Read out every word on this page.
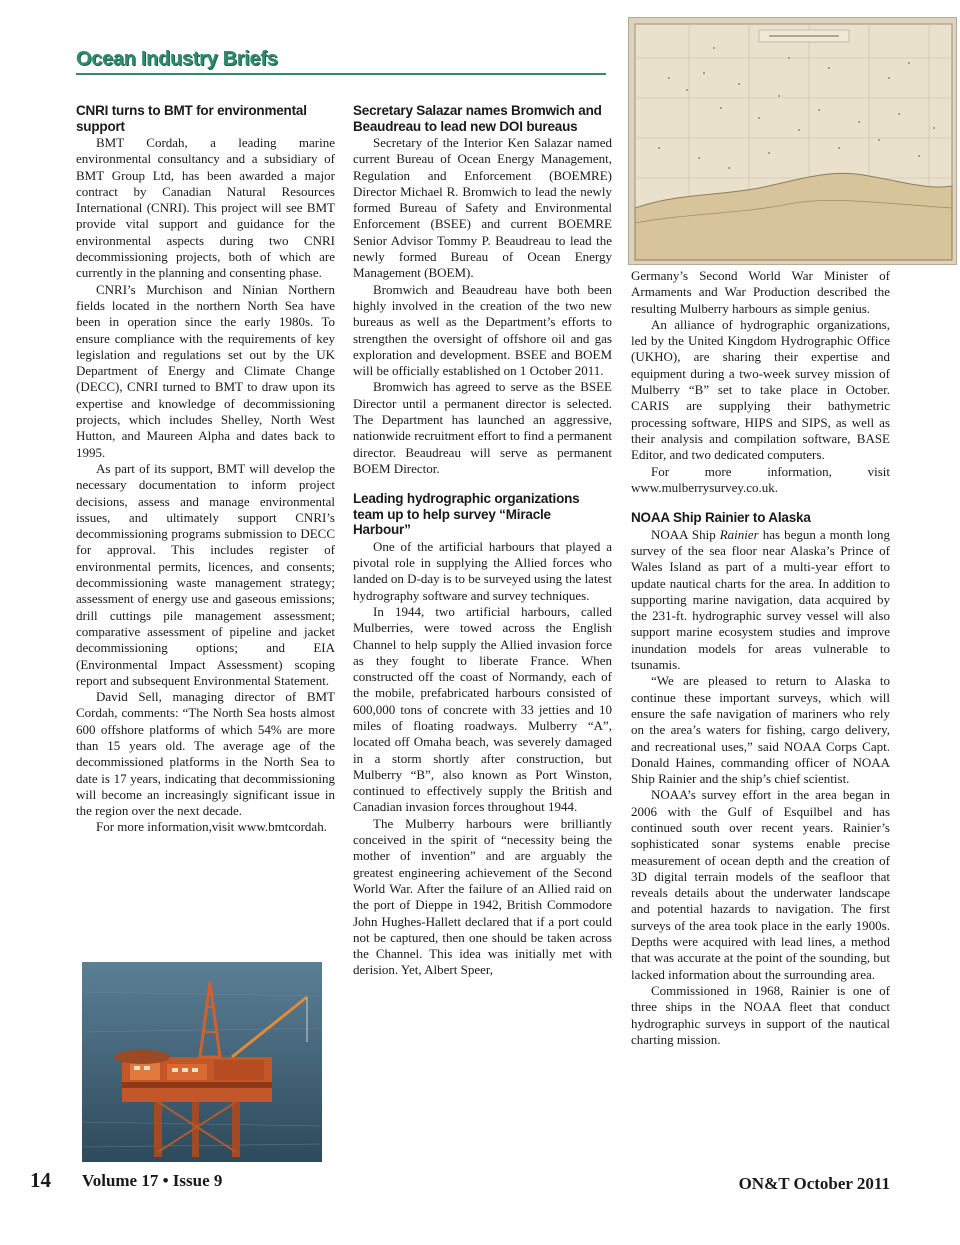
Ocean Industry Briefs
CNRI turns to BMT for environmental support

BMT Cordah, a leading marine environmental consultancy and a subsidiary of BMT Group Ltd, has been awarded a major contract by Canadian Natural Resources International (CNRI). This project will see BMT provide vital support and guidance for the environmental aspects during two CNRI decommissioning projects, both of which are currently in the planning and consenting phase.

CNRI’s Murchison and Ninian Northern fields located in the northern North Sea have been in operation since the early 1980s. To ensure compliance with the requirements of key legislation and regulations set out by the UK Department of Energy and Climate Change (DECC), CNRI turned to BMT to draw upon its expertise and knowledge of decommissioning projects, which includes Shelley, North West Hutton, and Maureen Alpha and dates back to 1995.

As part of its support, BMT will develop the necessary documentation to inform project decisions, assess and manage environmental issues, and ultimately support CNRI’s decommissioning programs submission to DECC for approval. This includes register of environmental permits, licences, and consents; decommissioning waste management strategy; assessment of energy use and gaseous emissions; drill cuttings pile management assessment; comparative assessment of pipeline and jacket decommissioning options; and EIA (Environmental Impact Assessment) scoping report and subsequent Environmental Statement.

David Sell, managing director of BMT Cordah, comments: “The North Sea hosts almost 600 offshore platforms of which 54% are more than 15 years old. The average age of the decommissioned platforms in the North Sea to date is 17 years, indicating that decommissioning will become an increasingly significant issue in the region over the next decade.

For more information,visit www.bmtcordah.

Secretary Salazar names Bromwich and Beaudreau to lead new DOI bureaus

Secretary of the Interior Ken Salazar named current Bureau of Ocean Energy Management, Regulation and Enforcement (BOEMRE) Director Michael R. Bromwich to lead the newly formed Bureau of Safety and Environmental Enforcement (BSEE) and current BOEMRE Senior Advisor Tommy P. Beaudreau to lead the newly formed Bureau of Ocean Energy Management (BOEM).

Bromwich and Beaudreau have both been highly involved in the creation of the two new bureaus as well as the Department’s efforts to strengthen the oversight of offshore oil and gas exploration and development. BSEE and BOEM will be officially established on 1 October 2011.

Bromwich has agreed to serve as the BSEE Director until a permanent director is selected. The Department has launched an aggressive, nationwide recruitment effort to find a permanent director. Beaudreau will serve as permanent BOEM Director.

Leading hydrographic organizations team up to help survey “Miracle Harbour”

One of the artificial harbours that played a pivotal role in supplying the Allied forces who landed on D-day is to be surveyed using the latest hydrography software and survey techniques.

In 1944, two artificial harbours, called Mulberries, were towed across the English Channel to help supply the Allied invasion force as they fought to liberate France. When constructed off the coast of Normandy, each of the mobile, prefabricated harbours consisted of 600,000 tons of concrete with 33 jetties and 10 miles of floating roadways. Mulberry “A”, located off Omaha beach, was severely damaged in a storm shortly after construction, but Mulberry “B”, also known as Port Winston, continued to effectively supply the British and Canadian invasion forces throughout 1944.

The Mulberry harbours were brilliantly conceived in the spirit of “necessity being the mother of invention” and are arguably the greatest engineering achievement of the Second World War. After the failure of an Allied raid on the port of Dieppe in 1942, British Commodore John Hughes-Hallett declared that if a port could not be captured, then one should be taken across the Channel. This idea was initially met with derision. Yet, Albert Speer,

Germany’s Second World War Minister of Armaments and War Production described the resulting Mulberry harbours as simple genius.

An alliance of hydrographic organizations, led by the United Kingdom Hydrographic Office (UKHO), are sharing their expertise and equipment during a two-week survey mission of Mulberry “B” set to take place in October. CARIS are supplying their bathymetric processing software, HIPS and SIPS, as well as their analysis and compilation software, BASE Editor, and two dedicated computers.

For more information, visit www.mulberrysurvey.co.uk.

NOAA Ship Rainier to Alaska

NOAA Ship Rainier has begun a month long survey of the sea floor near Alaska’s Prince of Wales Island as part of a multi-year effort to update nautical charts for the area. In addition to supporting marine navigation, data acquired by the 231-ft. hydrographic survey vessel will also support marine ecosystem studies and improve inundation models for areas vulnerable to tsunamis.

“We are pleased to return to Alaska to continue these important surveys, which will ensure the safe navigation of mariners who rely on the area’s waters for fishing, cargo delivery, and recreational uses,” said NOAA Corps Capt. Donald Haines, commanding officer of NOAA Ship Rainier and the ship’s chief scientist.

NOAA’s survey effort in the area began in 2006 with the Gulf of Esquilbel and has continued south over recent years. Rainier’s sophisticated sonar systems enable precise measurement of ocean depth and the creation of 3D digital terrain models of the seafloor that reveals details about the underwater landscape and potential hazards to navigation. The first surveys of the area took place in the early 1900s. Depths were acquired with lead lines, a method that was accurate at the point of the sounding, but lacked information about the surrounding area.

Commissioned in 1968, Rainier is one of three ships in the NOAA fleet that conduct hydrographic surveys in support of the nautical charting mission.

14 Volume 17 • Issue 9	ON&T October 2011
